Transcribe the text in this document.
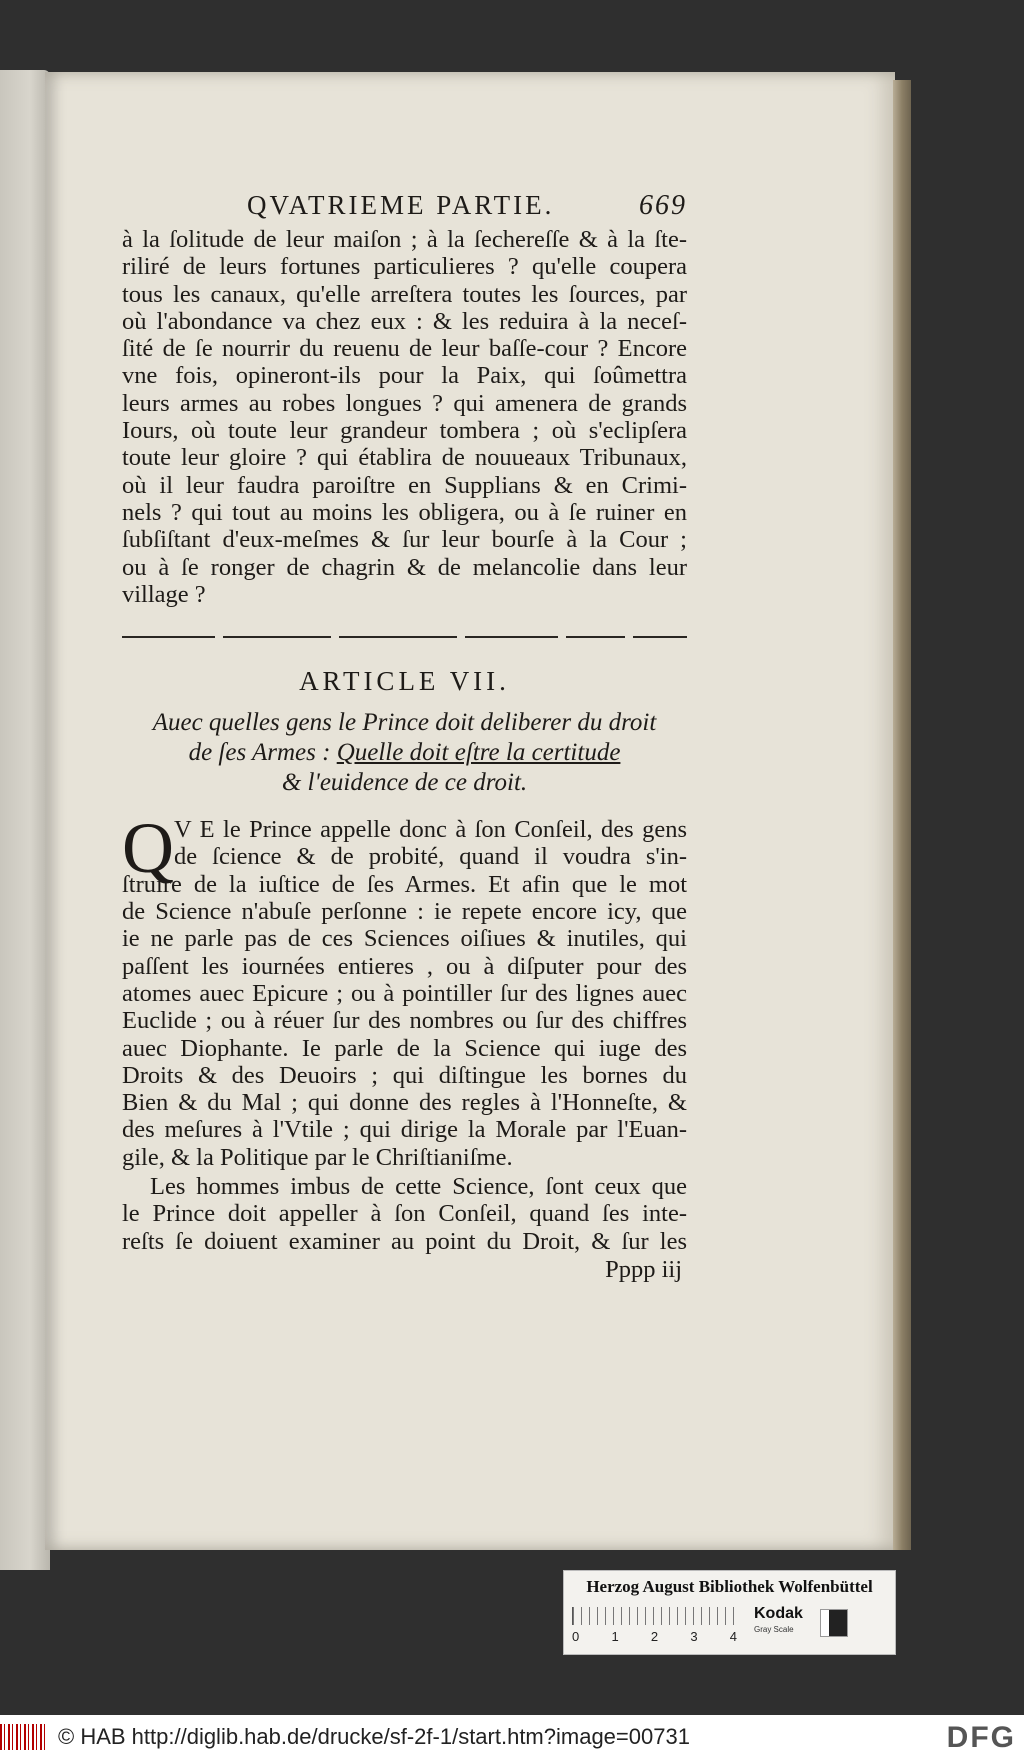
QVATRIEME PARTIE.	669
à la ſolitude de leur maiſon ; à la ſechereſſe & à la ſte-
riliré de leurs fortunes particulieres ? qu'elle coupera
tous les canaux, qu'elle arreſtera toutes les ſources, par
où l'abondance va chez eux : & les reduira à la neceſ-
ſité de ſe nourrir du reuenu de leur baſſe-cour ? Encore
vne fois, opineront-ils pour la Paix, qui ſoûmettra
leurs armes au robes longues ? qui amenera de grands
Iours, où toute leur grandeur tombera ; où s'eclipſera
toute leur gloire ? qui établira de nouueaux Tribunaux,
où il leur faudra paroiſtre en Supplians & en Crimi-
nels ? qui tout au moins les obligera, ou à ſe ruiner en
ſubſiſtant d'eux-meſmes & ſur leur bourſe à la Cour ;
ou à ſe ronger de chagrin & de melancolie dans leur
village ?
ARTICLE VII.
Auec quelles gens le Prince doit deliberer du droit
de ſes Armes : Quelle doit eſtre la certitude
& l'euidence de ce droit.
Q V E le Prince appelle donc à ſon Conſeil, des gens
de ſcience & de probité, quand il voudra s'in-
ſtruire de la iuſtice de ſes Armes. Et afin que le mot
de Science n'abuſe perſonne : ie repete encore icy, que
ie ne parle pas de ces Sciences oiſiues & inutiles, qui
paſſent les iournées entieres , ou à diſputer pour des
atomes auec Epicure ; ou à pointiller ſur des lignes auec
Euclide ; ou à réuer ſur des nombres ou ſur des chiffres
auec Diophante. Ie parle de la Science qui iuge des
Droits & des Deuoirs ; qui diſtingue les bornes du
Bien & du Mal ; qui donne des regles à l'Honneſte, &
des meſures à l'Vtile ; qui dirige la Morale par l'Euan-
gile, & la Politique par le Chriſtianiſme.
Les hommes imbus de cette Science, ſont ceux que
le Prince doit appeller à ſon Conſeil, quand ſes inte-
reſts ſe doiuent examiner au point du Droit, & ſur les
Pppp iij
Herzog August Bibliothek Wolfenbüttel
0 1 2 3 4
Kodak
Gray Scale
© HAB http://diglib.hab.de/drucke/sf-2f-1/start.htm?image=00731	DFG
